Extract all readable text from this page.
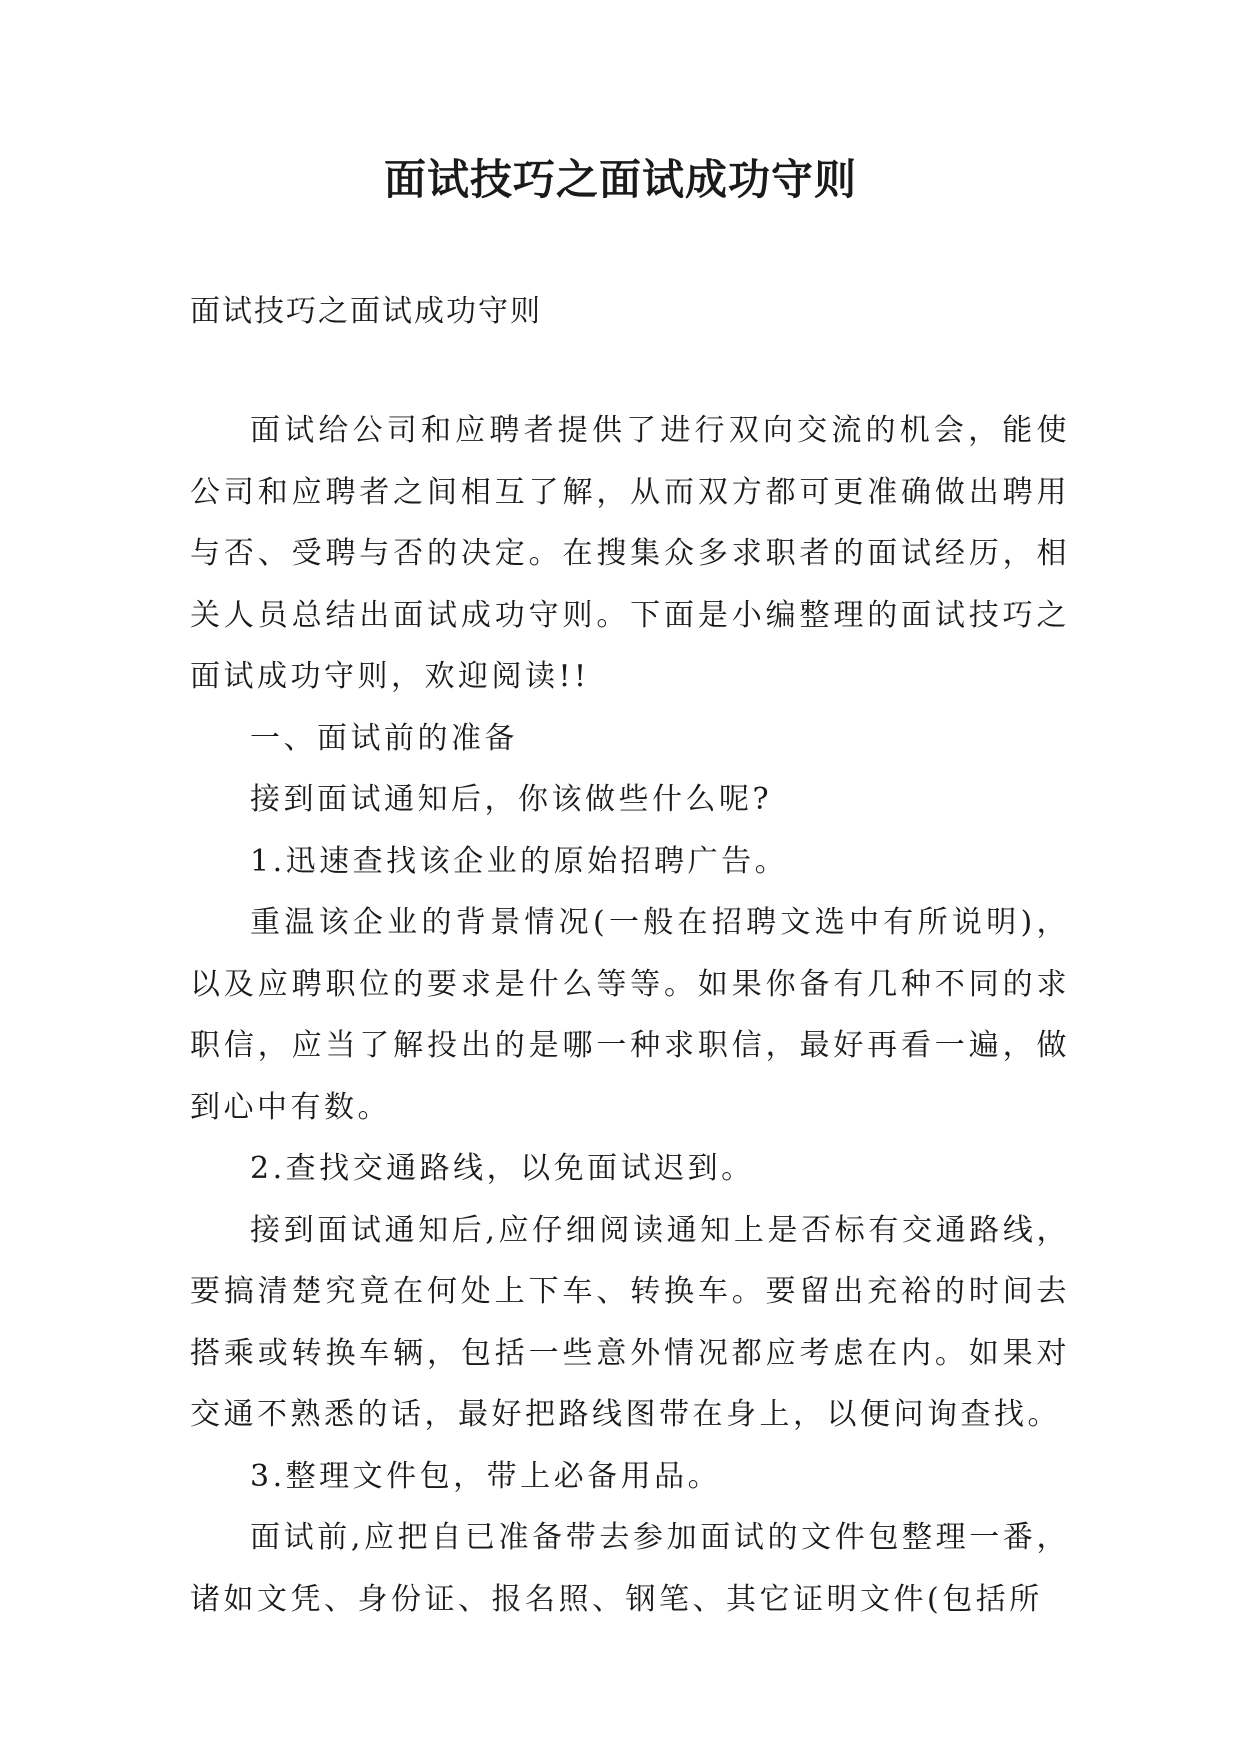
面试技巧之面试成功守则
面试技巧之面试成功守则

面试给公司和应聘者提供了进行双向交流的机会，能使公司和应聘者之间相互了解，从而双方都可更准确做出聘用与否、受聘与否的决定。在搜集众多求职者的面试经历，相关人员总结出面试成功守则。下面是小编整理的面试技巧之面试成功守则，欢迎阅读!!

一、面试前的准备

接到面试通知后，你该做些什么呢?

1.迅速查找该企业的原始招聘广告。

重温该企业的背景情况(一般在招聘文选中有所说明)，以及应聘职位的要求是什么等等。如果你备有几种不同的求职信，应当了解投出的是哪一种求职信，最好再看一遍，做到心中有数。

2.查找交通路线，以免面试迟到。

接到面试通知后,应仔细阅读通知上是否标有交通路线，要搞清楚究竟在何处上下车、转换车。要留出充裕的时间去搭乘或转换车辆，包括一些意外情况都应考虑在内。如果对交通不熟悉的话，最好把路线图带在身上，以便问询查找。

3.整理文件包，带上必备用品。

面试前,应把自已准备带去参加面试的文件包整理一番，诸如文凭、身份证、报名照、钢笔、其它证明文件(包括所
